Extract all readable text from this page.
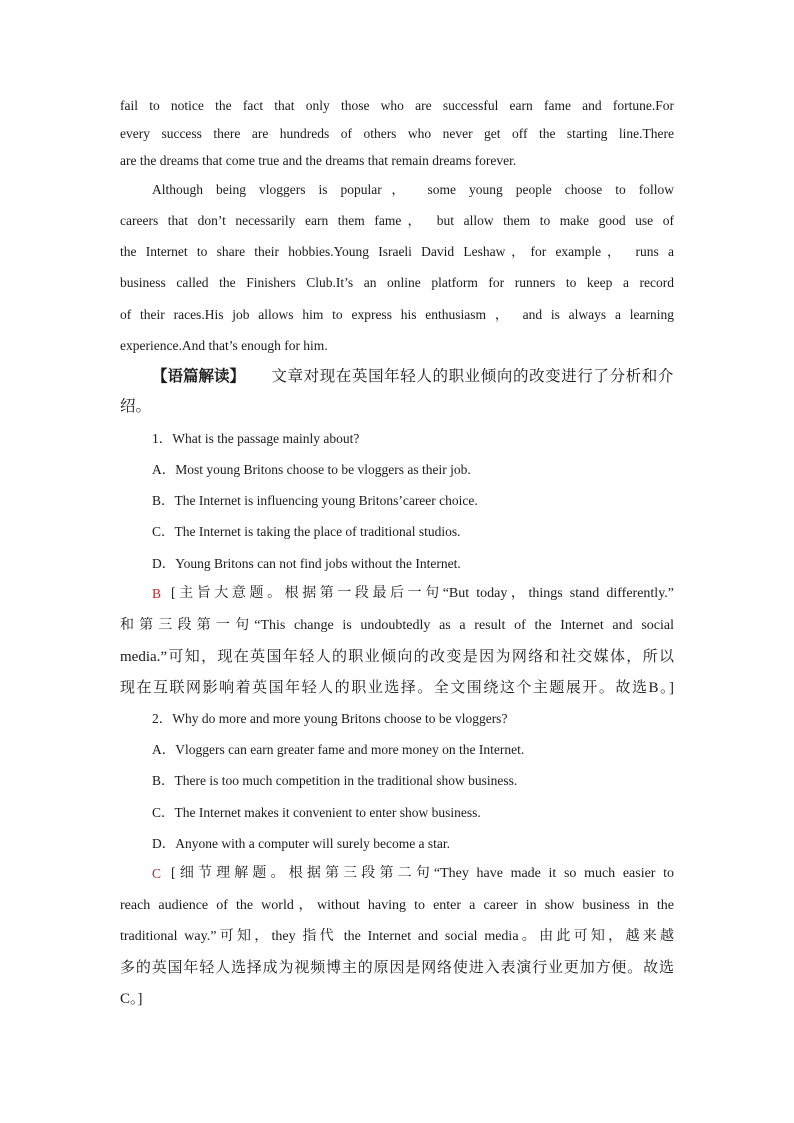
fail to notice the fact that only those who are successful earn fame and fortune.For
every success there are hundreds of others who never get off the starting line.There
are the dreams that come true and the dreams that remain dreams forever.
Although being vloggers is popular， some young people choose to follow
careers that don’t necessarily earn them fame， but allow them to make good use of
the Internet to share their hobbies.Young Israeli David Leshaw，for example， runs a
business called the Finishers Club.It’s an online platform for runners to keep a record
of their races.His job allows him to express his enthusiasm ， and is always a learning
experience.And that’s enough for him.
【语篇解读】 文章对现在英国年轻人的职业倾向的改变进行了分析和介
绍。
1．What is the passage mainly about?
A．Most young Britons choose to be vloggers as their job.
B．The Internet is influencing young Britons’career choice.
C．The Internet is taking the place of traditional studios.
D．Young Britons can not find jobs without the Internet.
B [主旨大意题。根据第一段最后一句“But today，things stand differently.”
和第三段第一句“This change is undoubtedly as a result of the Internet and social
media.”可知，现在英国年轻人的职业倾向的改变是因为网络和社交媒体，所以
现在互联网影响着英国年轻人的职业选择。全文围绕这个主题展开。故选B。]
2．Why do more and more young Britons choose to be vloggers?
A．Vloggers can earn greater fame and more money on the Internet.
B．There is too much competition in the traditional show business.
C．The Internet makes it convenient to enter show business.
D．Anyone with a computer will surely become a star.
C [细节理解题。根据第三段第二句“They have made it so much easier to
reach audience of the world，without having to enter a career in show business in the
traditional way.”可知，they 指代 the Internet and social media。由此可知，越来越
多的英国年轻人选择成为视频博主的原因是网络使进入表演行业更加方便。故选
C。]
